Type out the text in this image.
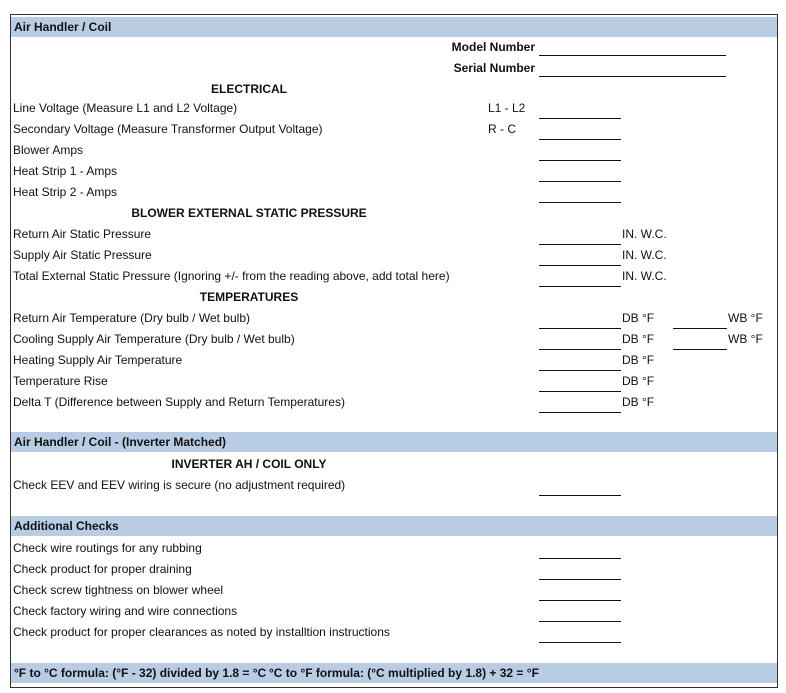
Air Handler / Coil
Model Number
Serial Number
ELECTRICAL
Line Voltage (Measure L1 and L2 Voltage)	L1 - L2
Secondary Voltage (Measure Transformer Output Voltage)	R - C
Blower Amps
Heat Strip 1 - Amps
Heat Strip 2 - Amps
BLOWER EXTERNAL STATIC PRESSURE
Return Air Static Pressure	IN. W.C.
Supply Air Static Pressure	IN. W.C.
Total External Static Pressure (Ignoring +/- from the reading above, add total here)	IN. W.C.
TEMPERATURES
Return Air Temperature (Dry bulb / Wet bulb)	DB °F	WB °F
Cooling Supply Air Temperature (Dry bulb / Wet bulb)	DB °F	WB °F
Heating Supply Air Temperature	DB °F
Temperature Rise	DB °F
Delta T (Difference between Supply and Return Temperatures)	DB °F
Air Handler / Coil - (Inverter Matched)
INVERTER AH / COIL ONLY
Check EEV and EEV wiring is secure (no adjustment required)
Additional Checks
Check wire routings for any rubbing
Check product for proper draining
Check screw tightness on blower wheel
Check factory wiring and wire connections
Check product for proper clearances as noted by installtion instructions
°F to °C formula: (°F - 32) divided by 1.8 = °C °C to °F formula: (°C multiplied by 1.8) + 32 = °F
